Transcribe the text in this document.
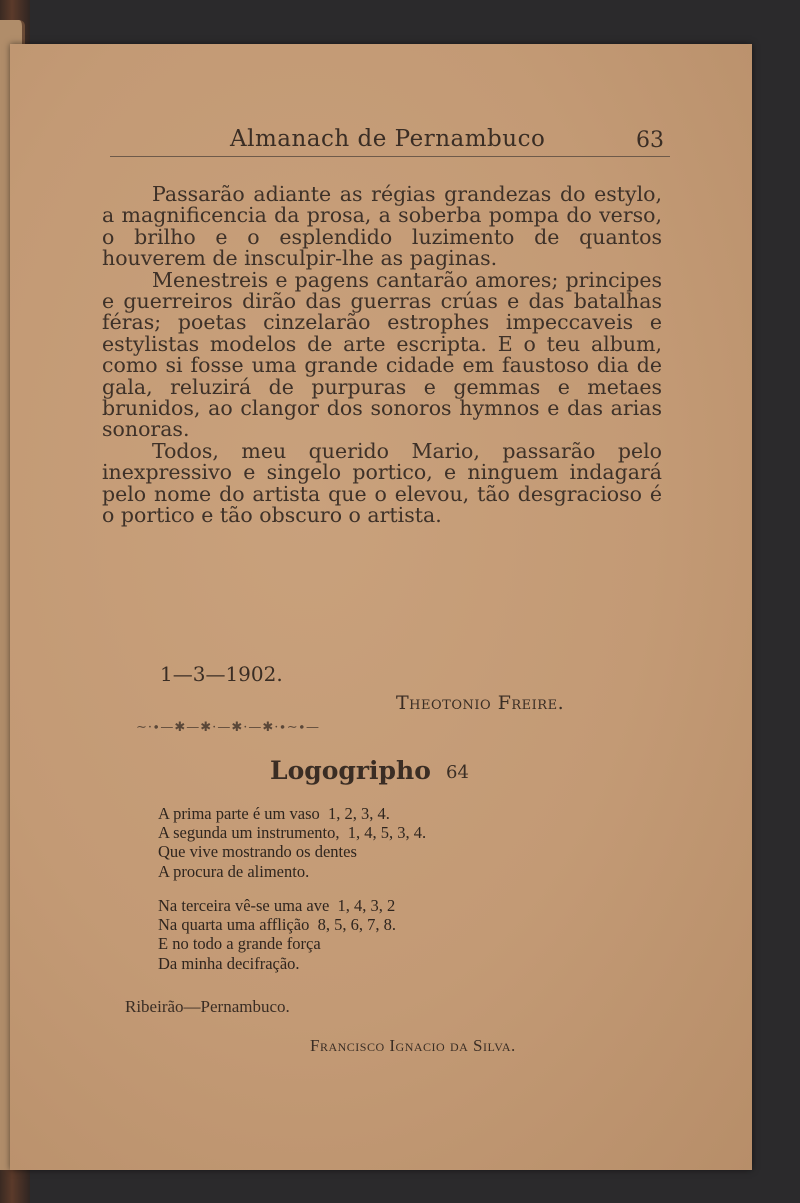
Almanach de Pernambuco	63

Passarão adiante as régias grandezas do estylo, a magnificencia da prosa, a soberba pompa do verso, o brilho e o esplendido luzimento de quantos houverem de insculpir-lhe as paginas.

Menestreis e pagens cantarão amores; principes e guerreiros dirão das guerras crúas e das batalhas féras; poetas cinzelarão estrophes impeccaveis e estylistas modelos de arte escripta. E o teu album, como si fosse uma grande cidade em faustoso dia de gala, reluzirá de purpuras e gemmas e metaes brunidos, ao clangor dos sonoros hymnos e das arias sonoras.

Todos, meu querido Mario, passarão pelo inexpressivo e singelo portico, e ninguem indagará pelo nome do artista que o elevou, tão desgracioso é o portico e tão obscuro o artista.

1—3—1902.
Theotonio Freire.
∼·∙—✱—✱·—✱·—✱·∙∼∙—
Logogripho 64
A prima parte é um vaso  1, 2, 3, 4.
A segunda um instrumento,  1, 4, 5, 3, 4.
Que vive mostrando os dentes
A procura de alimento.
Na terceira vê-se uma ave  1, 4, 3, 2
Na quarta uma afflição  8, 5, 6, 7, 8.
E no todo a grande força
Da minha decifração.
Ribeirão—Pernambuco.
Francisco Ignacio da Silva.
